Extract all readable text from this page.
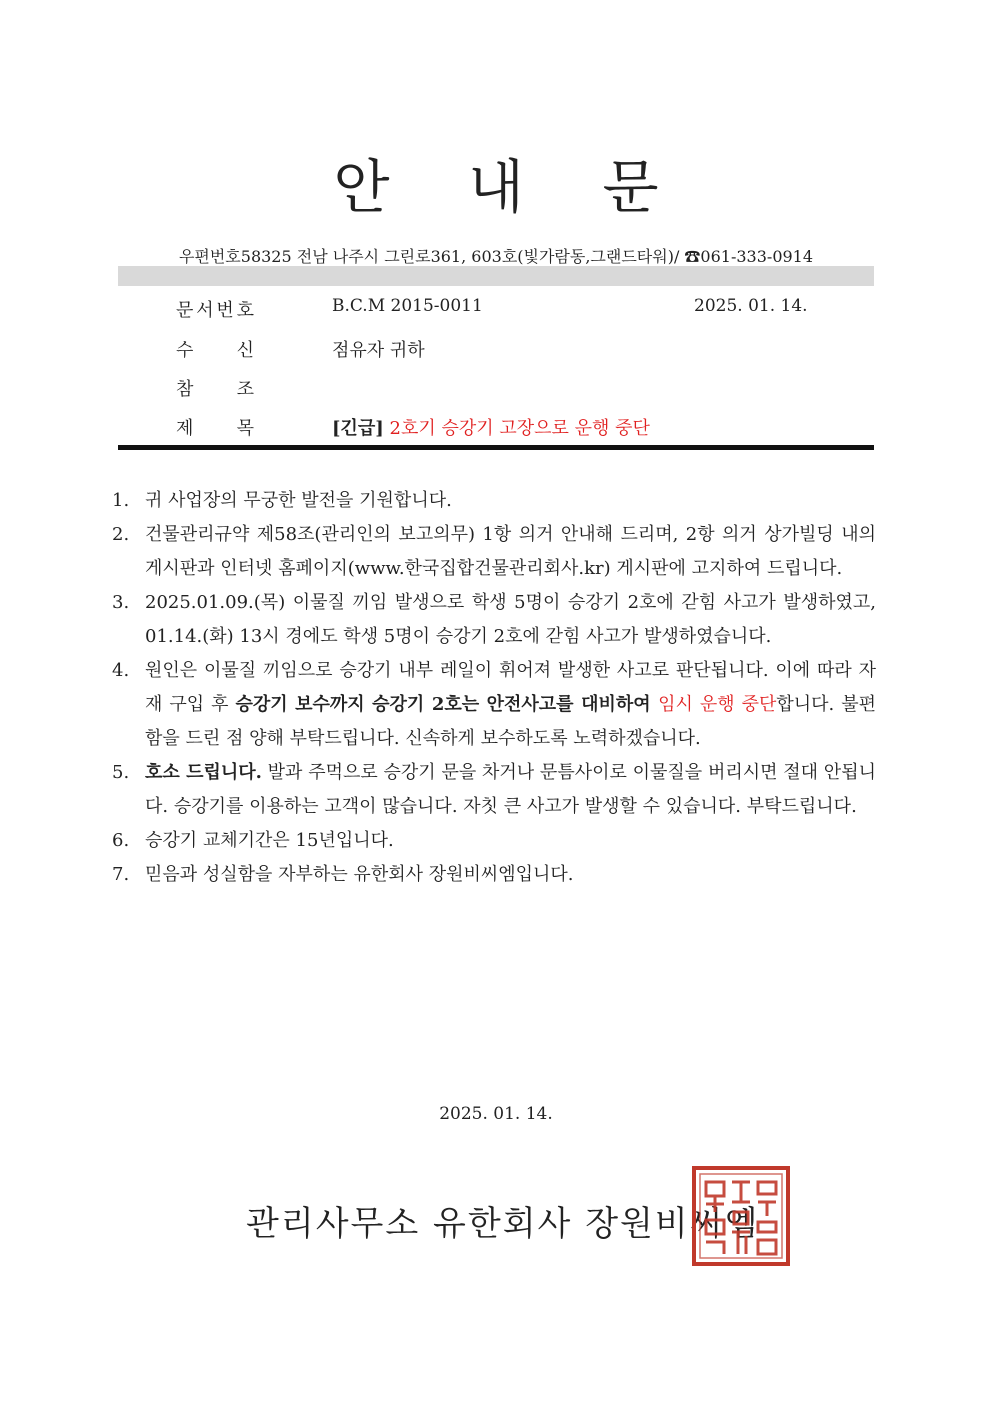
안 내 문
우편번호58325 전남 나주시 그린로361, 603호(빛가람동,그랜드타워)/ ☎061-333-0914
문 서 번 호	B.C.M 2015-0011	2025. 01. 14.
수 신	점유자 귀하
참 조
제 목	[긴급] 2호기 승강기 고장으로 운행 중단
1. 귀 사업장의 무궁한 발전을 기원합니다.
2. 건물관리규약 제58조(관리인의 보고의무) 1항 의거 안내해 드리며, 2항 의거 상가빌딩 내의 게시판과 인터넷 홈페이지(www.한국집합건물관리회사.kr) 게시판에 고지하여 드립니다.
3. 2025.01.09.(목) 이물질 끼임 발생으로 학생 5명이 승강기 2호에 갇힘 사고가 발생하였고, 01.14.(화) 13시 경에도 학생 5명이 승강기 2호에 갇힘 사고가 발생하였습니다.
4. 원인은 이물질 끼임으로 승강기 내부 레일이 휘어져 발생한 사고로 판단됩니다. 이에 따라 자재 구입 후 승강기 보수까지 승강기 2호는 안전사고를 대비하여 임시 운행 중단합니다. 불편함을 드린 점 양해 부탁드립니다. 신속하게 보수하도록 노력하겠습니다.
5. 호소 드립니다. 발과 주먹으로 승강기 문을 차거나 문틈사이로 이물질을 버리시면 절대 안됩니다. 승강기를 이용하는 고객이 많습니다. 자칫 큰 사고가 발생할 수 있습니다. 부탁드립니다.
6. 승강기 교체기간은 15년입니다.
7. 믿음과 성실함을 자부하는 유한회사 장원비씨엠입니다.
2025. 01. 14.
관리사무소 유한회사 장원비씨엠
